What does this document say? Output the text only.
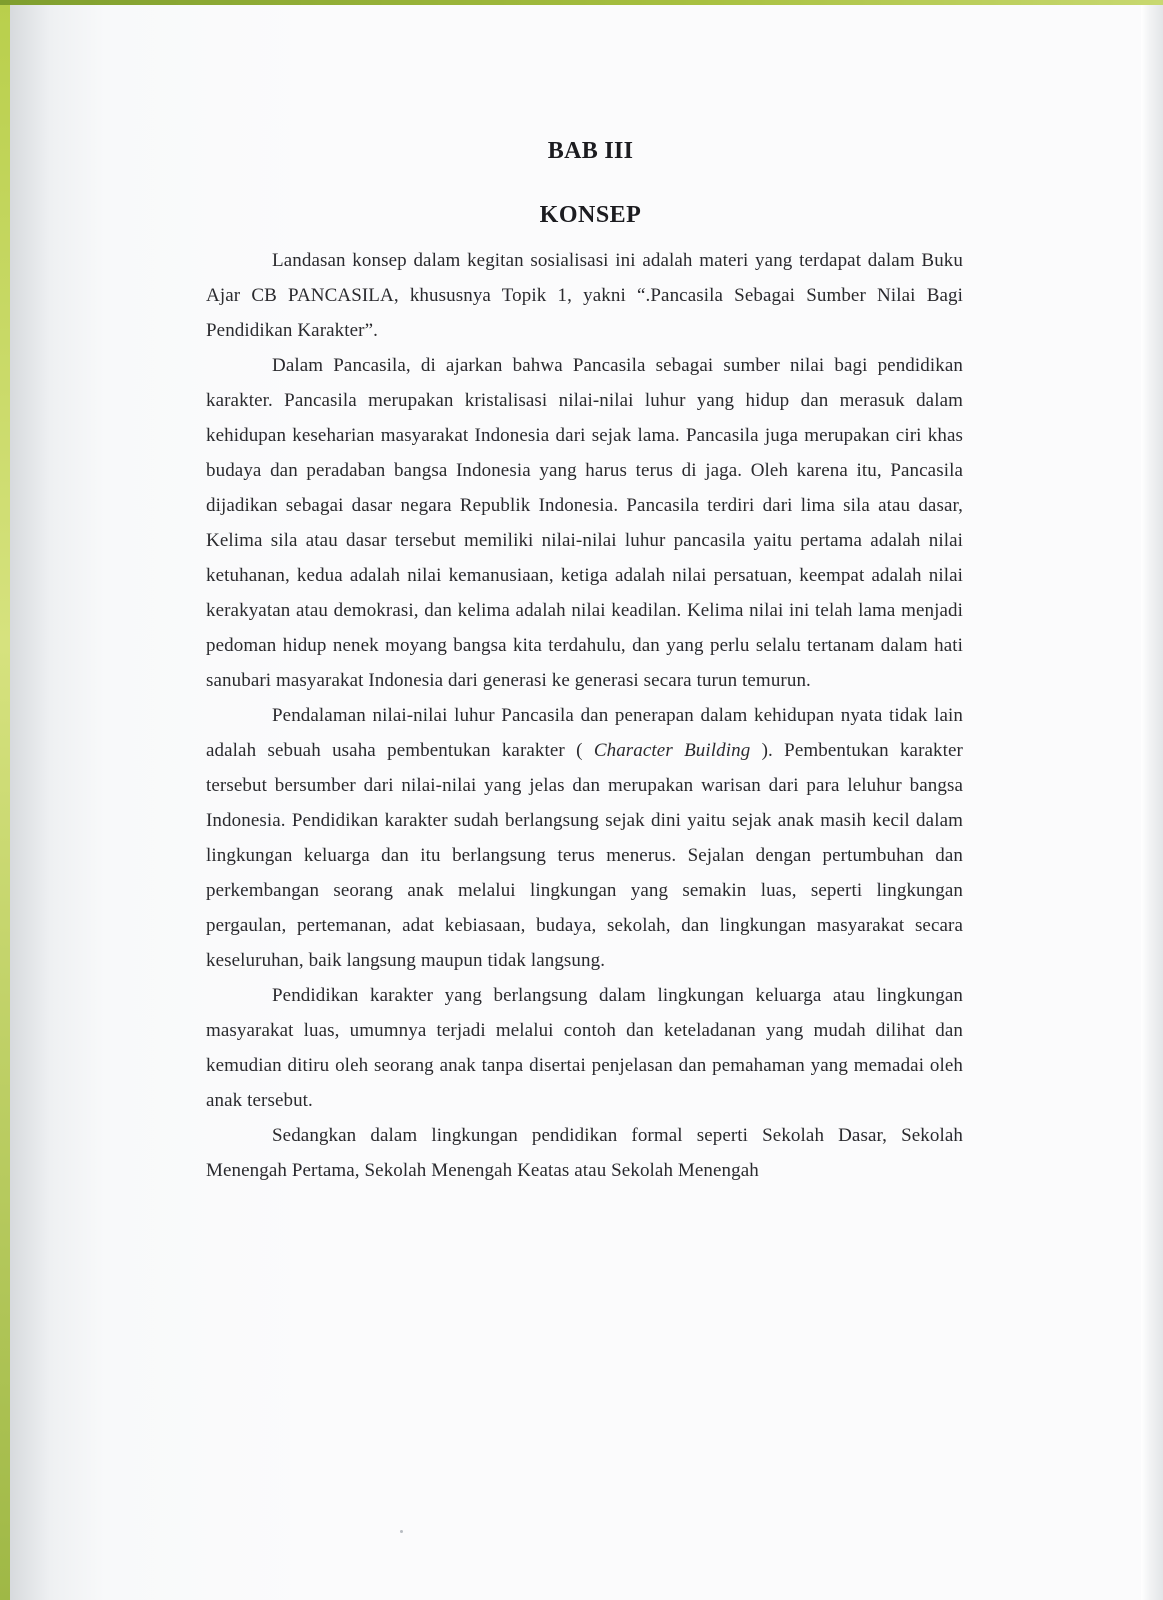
BAB III
KONSEP

Landasan konsep dalam kegitan sosialisasi ini adalah materi yang terdapat dalam Buku Ajar CB PANCASILA, khususnya Topik 1, yakni “.Pancasila Sebagai Sumber Nilai Bagi Pendidikan Karakter”.

Dalam Pancasila, di ajarkan bahwa Pancasila sebagai sumber nilai bagi pendidikan karakter. Pancasila merupakan kristalisasi nilai-nilai luhur yang hidup dan merasuk dalam kehidupan keseharian masyarakat Indonesia dari sejak lama. Pancasila juga merupakan ciri khas budaya dan peradaban bangsa Indonesia yang harus terus di jaga. Oleh karena itu, Pancasila dijadikan sebagai dasar negara Republik Indonesia. Pancasila terdiri dari lima sila atau dasar, Kelima sila atau dasar tersebut memiliki nilai-nilai luhur pancasila yaitu pertama adalah nilai ketuhanan, kedua adalah nilai kemanusiaan, ketiga adalah nilai persatuan, keempat adalah nilai kerakyatan atau demokrasi, dan kelima adalah nilai keadilan. Kelima nilai ini telah lama menjadi pedoman hidup nenek moyang bangsa kita terdahulu, dan yang perlu selalu tertanam dalam hati sanubari masyarakat Indonesia dari generasi ke generasi secara turun temurun.

Pendalaman nilai-nilai luhur Pancasila dan penerapan dalam kehidupan nyata tidak lain adalah sebuah usaha pembentukan karakter ( Character Building ). Pembentukan karakter tersebut bersumber dari nilai-nilai yang jelas dan merupakan warisan dari para leluhur bangsa Indonesia. Pendidikan karakter sudah berlangsung sejak dini yaitu sejak anak masih kecil dalam lingkungan keluarga dan itu berlangsung terus menerus. Sejalan dengan pertumbuhan dan perkembangan seorang anak melalui lingkungan yang semakin luas, seperti lingkungan pergaulan, pertemanan, adat kebiasaan, budaya, sekolah, dan lingkungan masyarakat secara keseluruhan, baik langsung maupun tidak langsung.

Pendidikan karakter yang berlangsung dalam lingkungan keluarga atau lingkungan masyarakat luas, umumnya terjadi melalui contoh dan keteladanan yang mudah dilihat dan kemudian ditiru oleh seorang anak tanpa disertai penjelasan dan pemahaman yang memadai oleh anak tersebut.

Sedangkan dalam lingkungan pendidikan formal seperti Sekolah Dasar, Sekolah Menengah Pertama, Sekolah Menengah Keatas atau Sekolah Menengah
